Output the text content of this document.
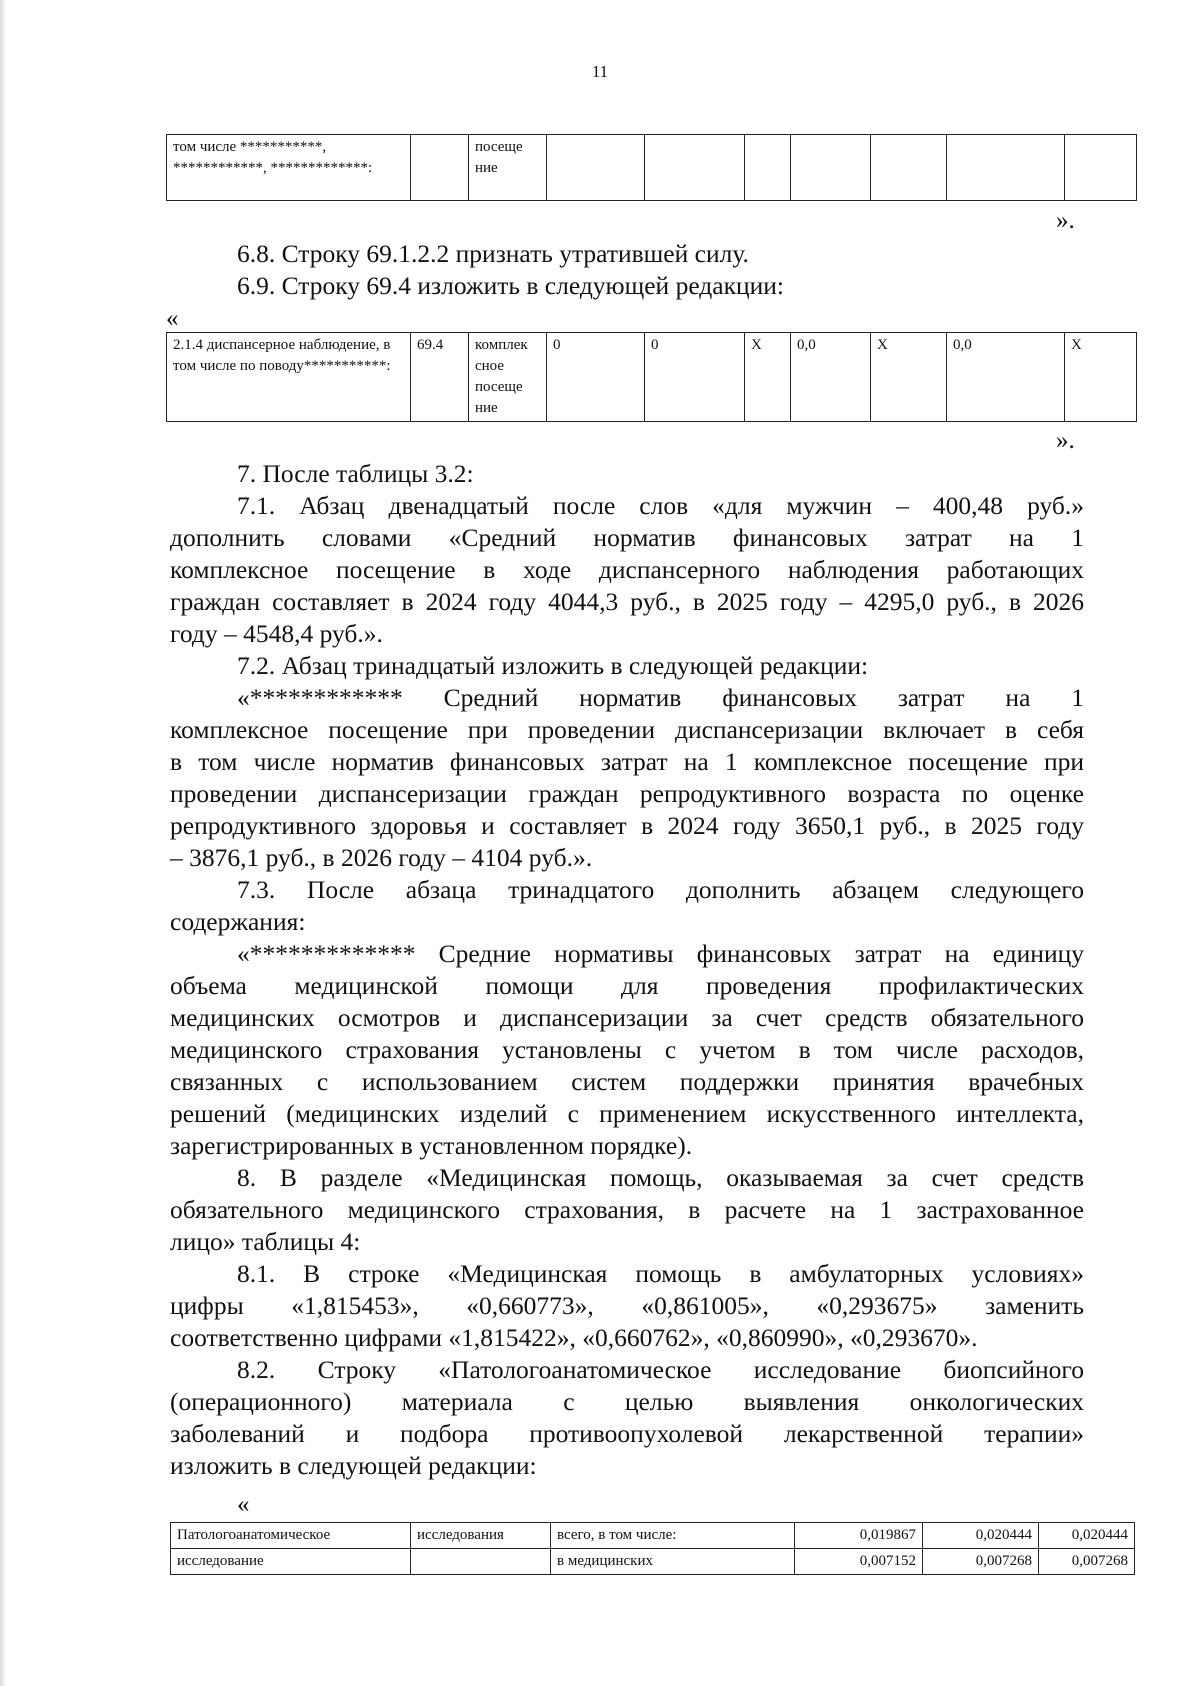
11
том числе ***********, ************, *************:		посеще ние							
».
6.8. Строку 69.1.2.2 признать утратившей силу.
6.9. Строку 69.4 изложить в следующей редакции:
«
2.1.4 диспансерное наблюдение, в том числе по поводу***********:	69.4	комплек сное посеще ние	0	0	X	0,0	X	0,0	X
».
7. После таблицы 3.2:
7.1. Абзац двенадцатый после слов «для мужчин – 400,48 руб.»
дополнить словами «Средний норматив финансовых затрат на 1
комплексное посещение в ходе диспансерного наблюдения работающих
граждан составляет в 2024 году 4044,3 руб., в 2025 году – 4295,0 руб., в 2026
году – 4548,4 руб.».
7.2. Абзац тринадцатый изложить в следующей редакции:
«************ Средний норматив финансовых затрат на 1
комплексное посещение при проведении диспансеризации включает в себя
в том числе норматив финансовых затрат на 1 комплексное посещение при
проведении диспансеризации граждан репродуктивного возраста по оценке
репродуктивного здоровья и составляет в 2024 году 3650,1 руб., в 2025 году
– 3876,1 руб., в 2026 году – 4104 руб.».
7.3. После абзаца тринадцатого дополнить абзацем следующего
содержания:
«************* Средние нормативы финансовых затрат на единицу
объема медицинской помощи для проведения профилактических
медицинских осмотров и диспансеризации за счет средств обязательного
медицинского страхования установлены с учетом в том числе расходов,
связанных с использованием систем поддержки принятия врачебных
решений (медицинских изделий с применением искусственного интеллекта,
зарегистрированных в установленном порядке).
8. В разделе «Медицинская помощь, оказываемая за счет средств
обязательного медицинского страхования, в расчете на 1 застрахованное
лицо» таблицы 4:
8.1. В строке «Медицинская помощь в амбулаторных условиях»
цифры «1,815453», «0,660773», «0,861005», «0,293675» заменить
соответственно цифрами «1,815422», «0,660762», «0,860990», «0,293670».
8.2. Строку «Патологоанатомическое исследование биопсийного
(операционного) материала с целью выявления онкологических
заболеваний и подбора противоопухолевой лекарственной терапии»
изложить в следующей редакции:
«
Патологоанатомическое	исследования	всего, в том числе:	0,019867	0,020444	0,020444
исследование		в медицинских	0,007152	0,007268	0,007268
